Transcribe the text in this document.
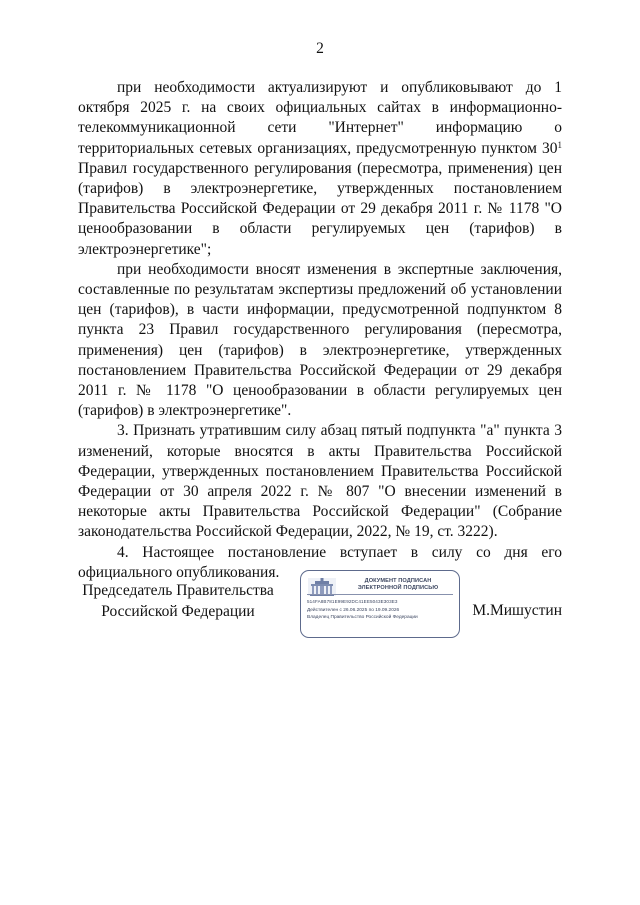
2

при необходимости актуализируют и опубликовывают до 1 октября 2025 г. на своих официальных сайтах в информационно-телекоммуникационной сети "Интернет" информацию о территориальных сетевых организациях, предусмотренную пунктом $30^1$ Правил государственного регулирования (пересмотра, применения) цен (тарифов) в электроэнергетике, утвержденных постановлением Правительства Российской Федерации от 29 декабря 2011 г. № 1178 "О ценообразовании в области регулируемых цен (тарифов) в электроэнергетике";

при необходимости вносят изменения в экспертные заключения, составленные по результатам экспертизы предложений об установлении цен (тарифов), в части информации, предусмотренной подпунктом 8 пункта 23 Правил государственного регулирования (пересмотра, применения) цен (тарифов) в электроэнергетике, утвержденных постановлением Правительства Российской Федерации от 29 декабря 2011 г. № 1178 "О ценообразовании в области регулируемых цен (тарифов) в электроэнергетике".

3. Признать утратившим силу абзац пятый подпункта "а" пункта 3 изменений, которые вносятся в акты Правительства Российской Федерации, утвержденных постановлением Правительства Российской Федерации от 30 апреля 2022 г. № 807 "О внесении изменений в некоторые акты Правительства Российской Федерации" (Собрание законодательства Российской Федерации, 2022, № 19, ст. 3222).

4. Настоящее постановление вступает в силу со дня его официального опубликования.

Председатель Правительства
Российской Федерации
ДОКУМЕНТ ПОДПИСАН
ЭЛЕКТРОННОЙ ПОДПИСЬЮ
514FA8B781E99E92DC41EE5043E303E3
Действителен с 26.06.2025 по 19.09.2026
Владелец Правительство Российской Федерации	М.Мишустин
